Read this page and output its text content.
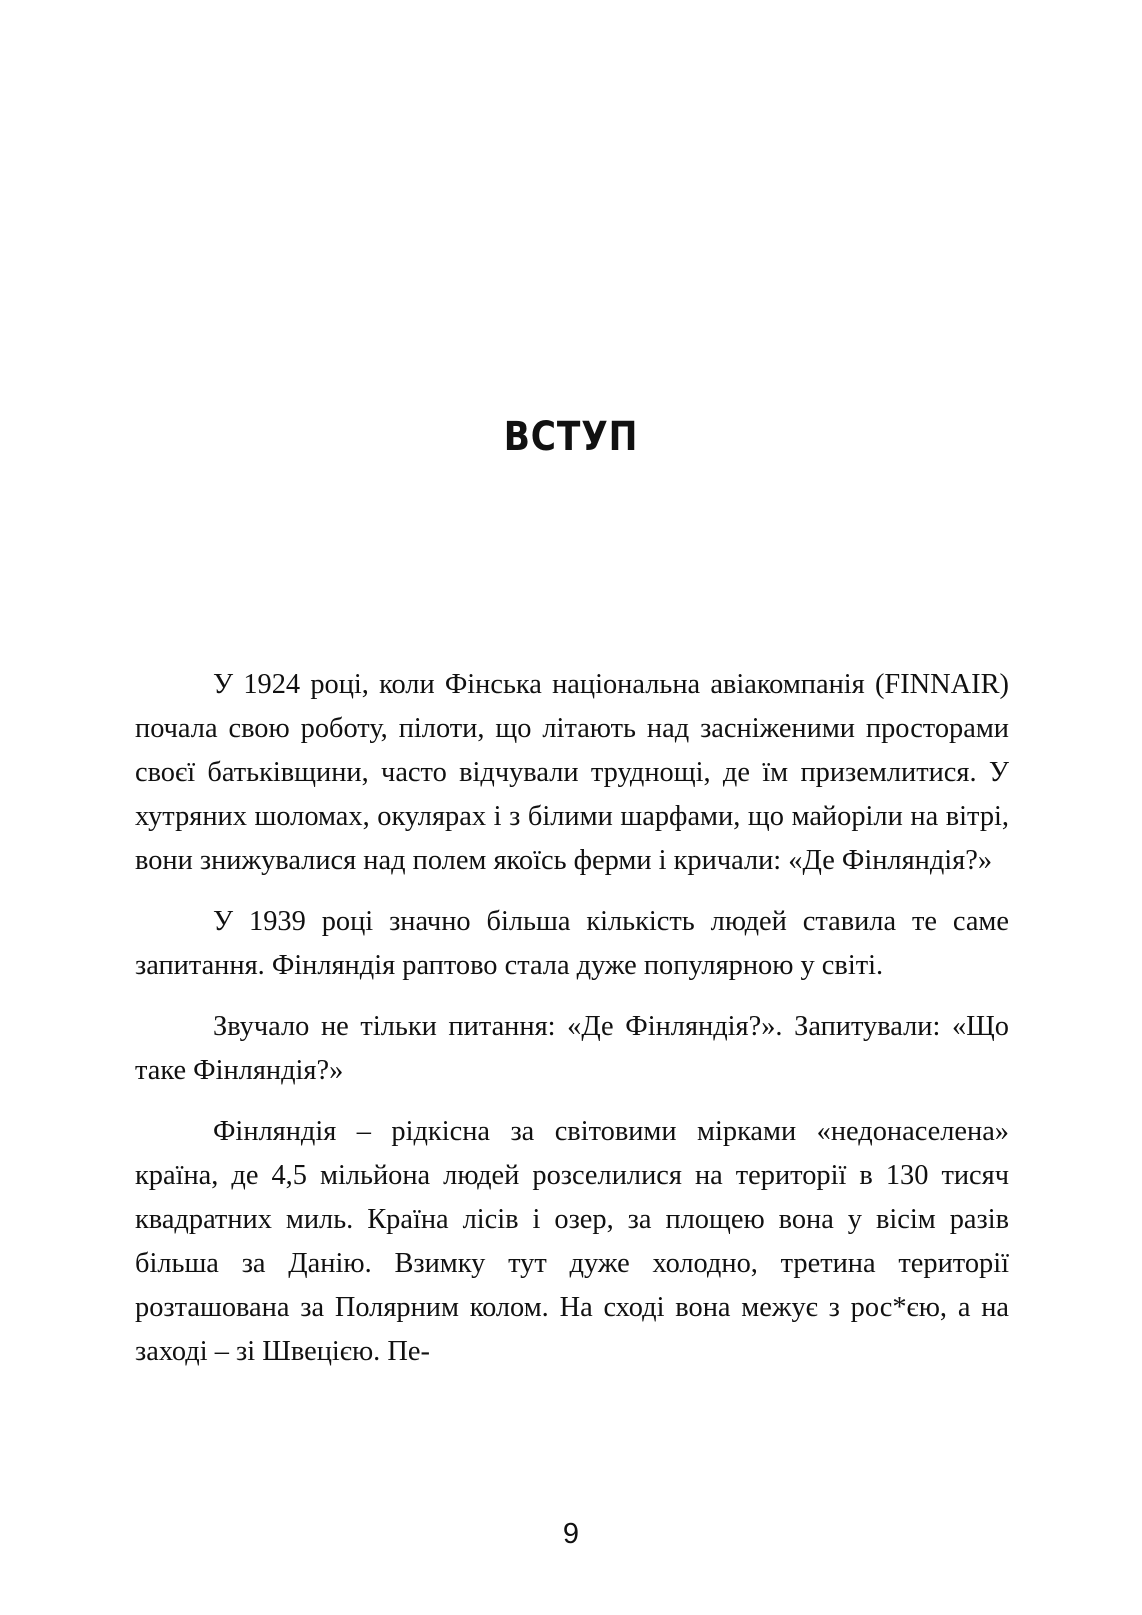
ВСТУП

У 1924 році, коли Фінська національна авіакомпанія (FINNAIR) почала свою роботу, пілоти, що літають над засніженими просторами своєї батьківщини, часто відчували труднощі, де їм приземлитися. У хутряних шоломах, окулярах і з білими шарфами, що майоріли на вітрі, вони знижувалися над полем якоїсь ферми і кричали: «Де Фінляндія?»

У 1939 році значно більша кількість людей ставила те саме запитання. Фінляндія раптово стала дуже популярною у світі.

Звучало не тільки питання: «Де Фінляндія?». Запитували: «Що таке Фінляндія?»

Фінляндія – рідкісна за світовими мірками «недонаселена» країна, де 4,5 мільйона людей розселилися на території в 130 тисяч квадратних миль. Країна лісів і озер, за площею вона у вісім разів більша за Данію. Взимку тут дуже холодно, третина території розташована за Полярним колом. На сході вона межує з рос*єю, а на заході – зі Швецією. Пе-

9
